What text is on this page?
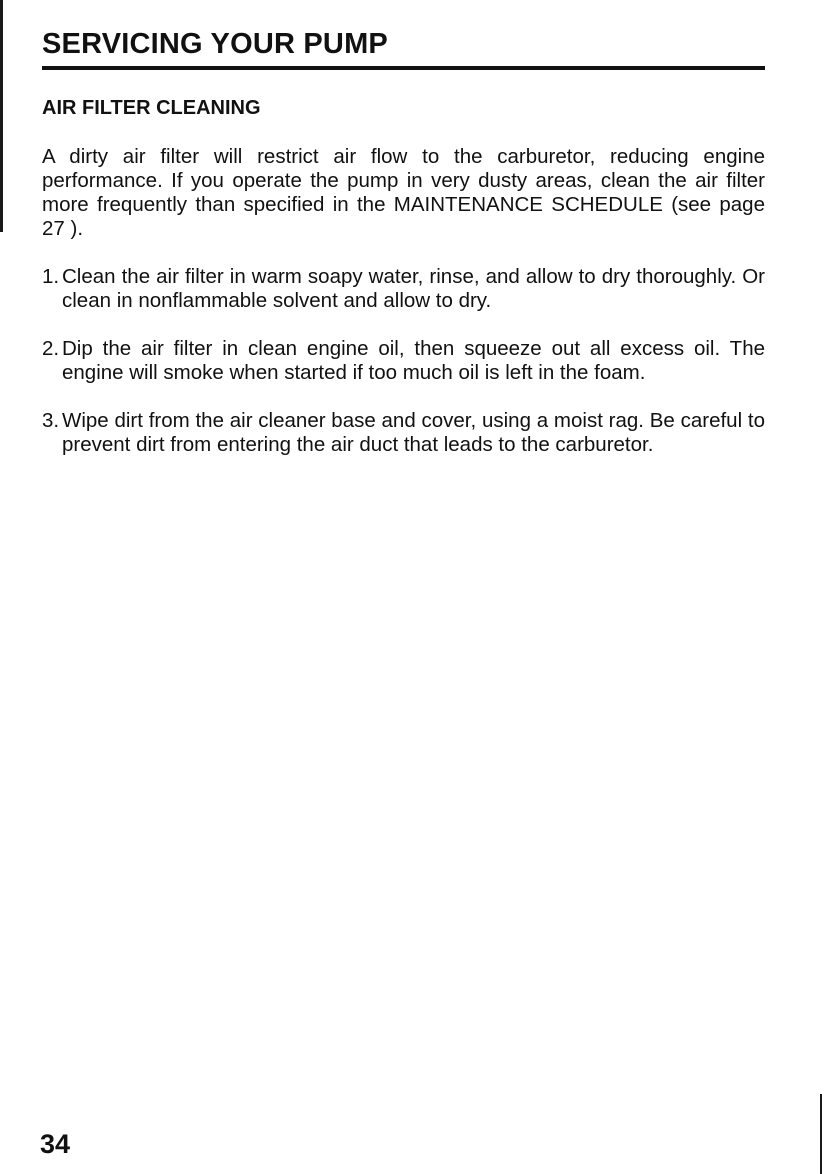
SERVICING YOUR PUMP
AIR FILTER CLEANING

A dirty air filter will restrict air flow to the carburetor, reducing engine performance. If you operate the pump in very dusty areas, clean the air filter more frequently than specified in the MAINTENANCE SCHEDULE (see page 27 ).

1. Clean the air filter in warm soapy water, rinse, and allow to dry thoroughly. Or clean in nonflammable solvent and allow to dry.

2. Dip the air filter in clean engine oil, then squeeze out all excess oil. The engine will smoke when started if too much oil is left in the foam.

3. Wipe dirt from the air cleaner base and cover, using a moist rag. Be careful to prevent dirt from entering the air duct that leads to the carburetor.

34
